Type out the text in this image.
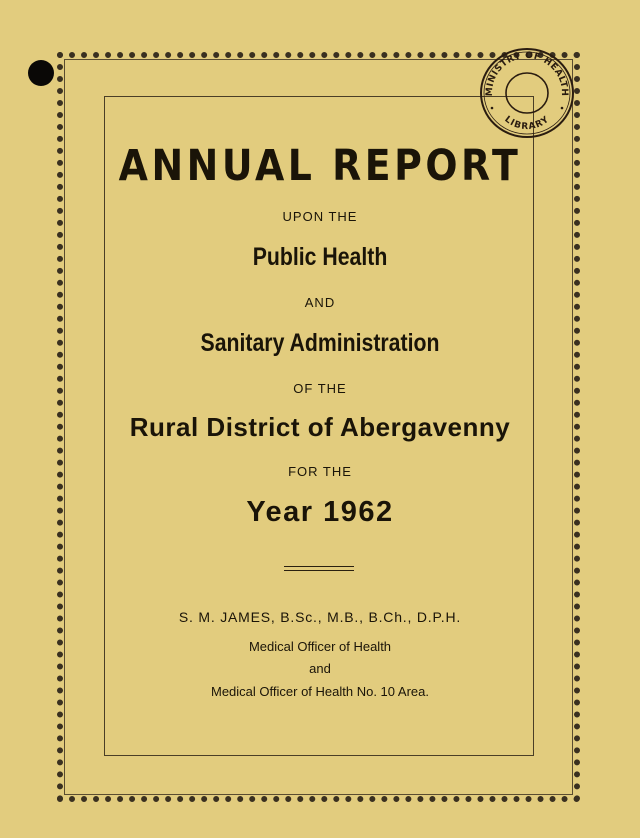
MINISTRY OF HEALTH
LIBRARY
ANNUAL REPORT

UPON THE

Public Health

AND

Sanitary Administration

OF THE

Rural District of Abergavenny

FOR THE

Year 1962

S. M. JAMES, B.Sc., M.B., B.Ch., D.P.H.

Medical Officer of Health

and

Medical Officer of Health No. 10 Area.
